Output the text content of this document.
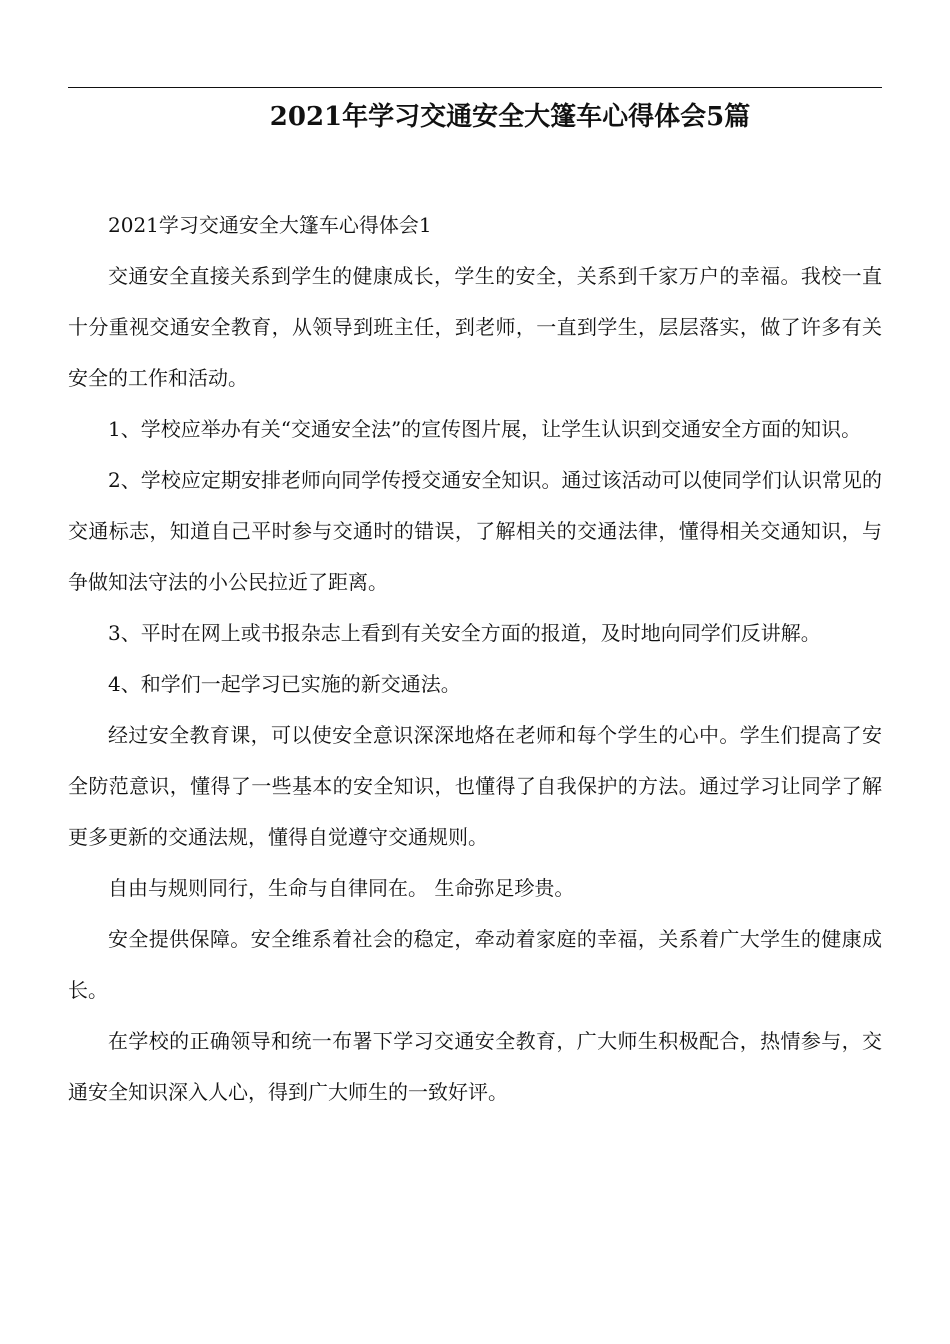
2021年学习交通安全大篷车心得体会5篇

2021学习交通安全大篷车心得体会1

交通安全直接关系到学生的健康成长，学生的安全，关系到千家万户的幸福。我校一直十分重视交通安全教育，从领导到班主任，到老师，一直到学生，层层落实，做了许多有关安全的工作和活动。

1、学校应举办有关“交通安全法”的宣传图片展，让学生认识到交通安全方面的知识。

2、学校应定期安排老师向同学传授交通安全知识。通过该活动可以使同学们认识常见的交通标志，知道自己平时参与交通时的错误，了解相关的交通法律，懂得相关交通知识，与争做知法守法的小公民拉近了距离。

3、平时在网上或书报杂志上看到有关安全方面的报道，及时地向同学们反讲解。

4、和学们一起学习已实施的新交通法。

经过安全教育课，可以使安全意识深深地烙在老师和每个学生的心中。学生们提高了安全防范意识，懂得了一些基本的安全知识，也懂得了自我保护的方法。通过学习让同学了解更多更新的交通法规，懂得自觉遵守交通规则。

自由与规则同行，生命与自律同在。 生命弥足珍贵。

安全提供保障。安全维系着社会的稳定，牵动着家庭的幸福，关系着广大学生的健康成长。

在学校的正确领导和统一布署下学习交通安全教育，广大师生积极配合，热情参与，交通安全知识深入人心，得到广大师生的一致好评。
